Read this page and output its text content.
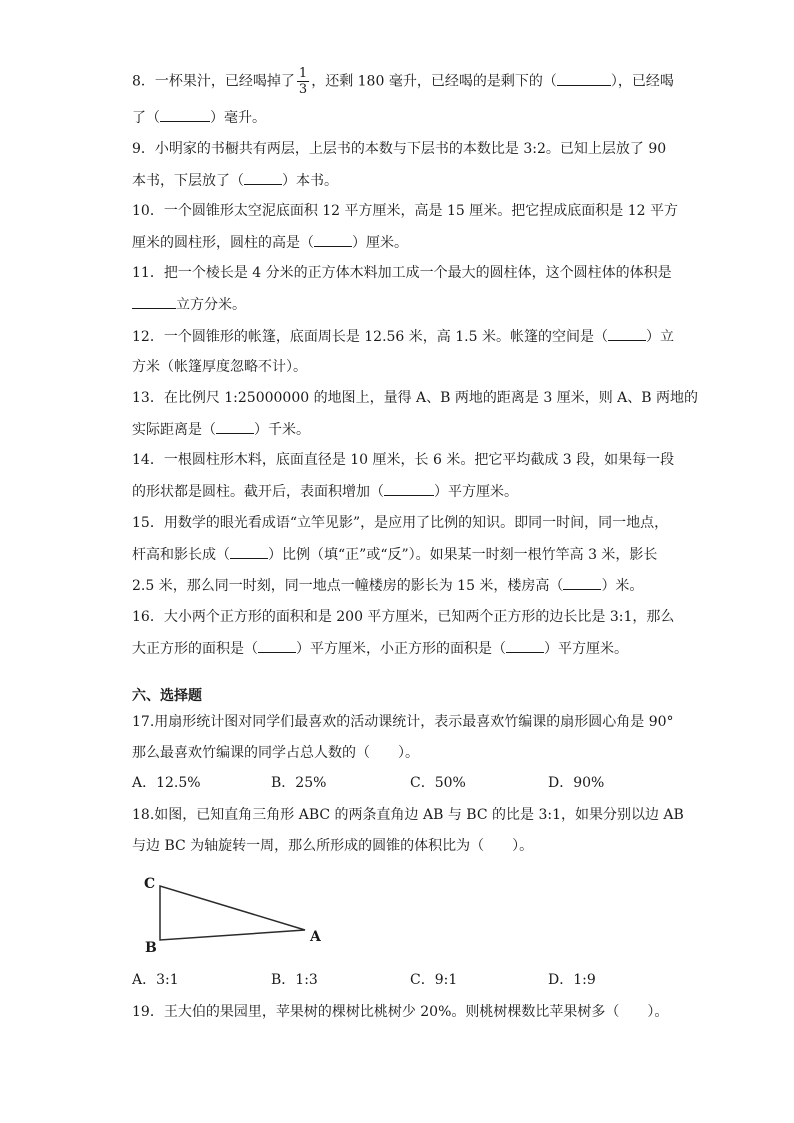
8．一杯果汁，已经喝掉了 $\frac{1}{3}$ ，还剩 180 毫升，已经喝的是剩下的（	），已经喝

了（	）毫升。

9．小明家的书橱共有两层，上层书的本数与下层书的本数比是 3:2。已知上层放了 90

本书，下层放了（	）本书。

10．一个圆锥形太空泥底面积 12 平方厘米，高是 15 厘米。把它捏成底面积是 12 平方

厘米的圆柱形，圆柱的高是（	）厘米。

11．把一个棱长是 4 分米的正方体木料加工成一个最大的圆柱体，这个圆柱体的体积是

立方分米。

12．一个圆锥形的帐篷，底面周长是 12.56 米，高 1.5 米。帐篷的空间是（	）立

方米（帐篷厚度忽略不计）。

13．在比例尺 1:25000000 的地图上，量得 A、B 两地的距离是 3 厘米，则 A、B 两地的

实际距离是（	）千米。

14．一根圆柱形木料，底面直径是 10 厘米，长 6 米。把它平均截成 3 段，如果每一段

的形状都是圆柱。截开后，表面积增加（	）平方厘米。

15．用数学的眼光看成语“立竿见影”，是应用了比例的知识。即同一时间，同一地点，

杆高和影长成（	）比例（填“正”或“反”）。如果某一时刻一根竹竿高 3 米，影长

2.5 米，那么同一时刻，同一地点一幢楼房的影长为 15 米，楼房高（	）米。

16．大小两个正方形的面积和是 200 平方厘米，已知两个正方形的边长比是 3:1，那么

大正方形的面积是（	）平方厘米，小正方形的面积是（	）平方厘米。

六、选择题

17.用扇形统计图对同学们最喜欢的活动课统计，表示最喜欢竹编课的扇形圆心角是 90°

那么最喜欢竹编课的同学占总人数的（　　）。

A．12.5%	B．25%	C．50%	D．90%

18.如图，已知直角三角形 ABC 的两条直角边 AB 与 BC 的比是 3:1，如果分别以边 AB

与边 BC 为轴旋转一周，那么所形成的圆锥的体积比为（　　）。

C
B
A
A．3:1	B．1:3	C．9:1	D．1:9

19．王大伯的果园里，苹果树的棵树比桃树少 20%。则桃树棵数比苹果树多（　　）。
